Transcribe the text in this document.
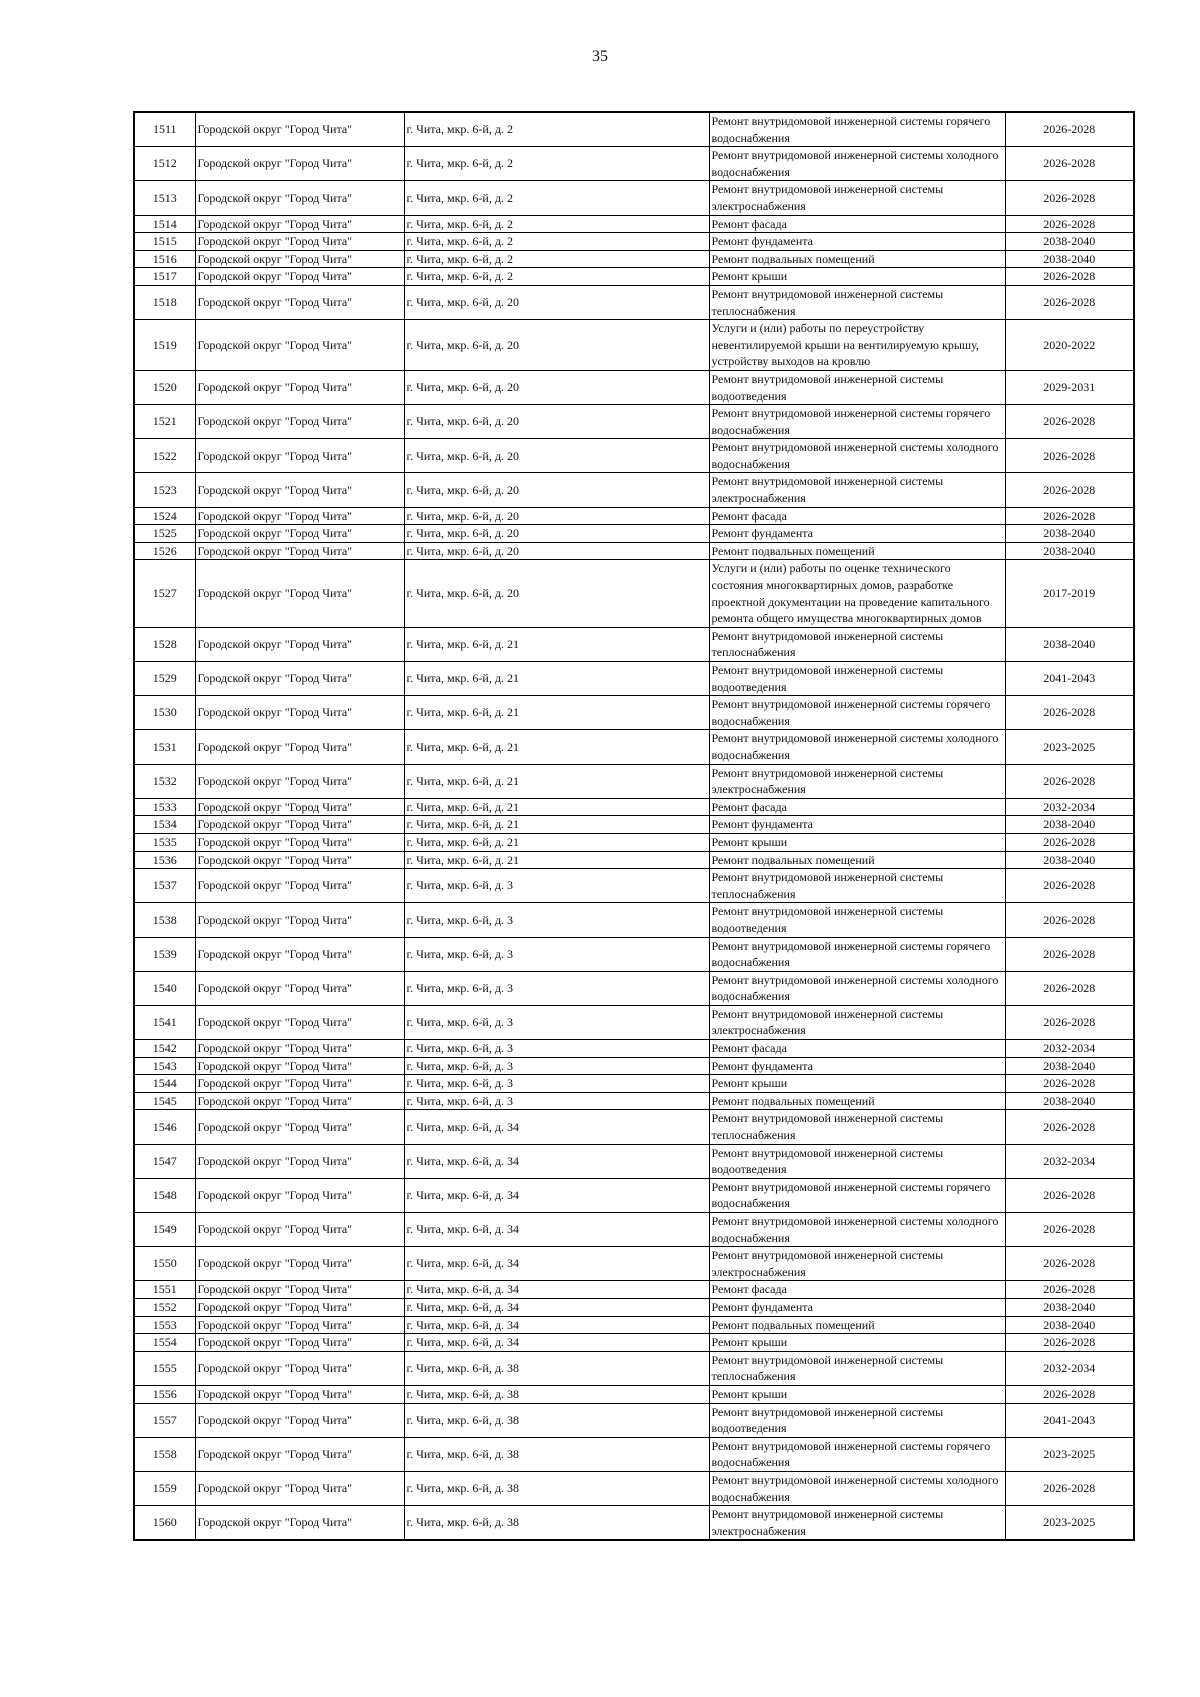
35
1511	Городской округ "Город Чита"	г. Чита, мкр. 6-й, д. 2	Ремонт внутридомовой инженерной системы горячего водоснабжения	2026-2028
1512	Городской округ "Город Чита"	г. Чита, мкр. 6-й, д. 2	Ремонт внутридомовой инженерной системы холодного водоснабжения	2026-2028
1513	Городской округ "Город Чита"	г. Чита, мкр. 6-й, д. 2	Ремонт внутридомовой инженерной системы электроснабжения	2026-2028
1514	Городской округ "Город Чита"	г. Чита, мкр. 6-й, д. 2	Ремонт фасада	2026-2028
1515	Городской округ "Город Чита"	г. Чита, мкр. 6-й, д. 2	Ремонт фундамента	2038-2040
1516	Городской округ "Город Чита"	г. Чита, мкр. 6-й, д. 2	Ремонт подвальных помещений	2038-2040
1517	Городской округ "Город Чита"	г. Чита, мкр. 6-й, д. 2	Ремонт крыши	2026-2028
1518	Городской округ "Город Чита"	г. Чита, мкр. 6-й, д. 20	Ремонт внутридомовой инженерной системы теплоснабжения	2026-2028
1519	Городской округ "Город Чита"	г. Чита, мкр. 6-й, д. 20	Услуги и (или) работы по переустройству невентилируемой крыши на вентилируемую крышу, устройству выходов на кровлю	2020-2022
1520	Городской округ "Город Чита"	г. Чита, мкр. 6-й, д. 20	Ремонт внутридомовой инженерной системы водоотведения	2029-2031
1521	Городской округ "Город Чита"	г. Чита, мкр. 6-й, д. 20	Ремонт внутридомовой инженерной системы горячего водоснабжения	2026-2028
1522	Городской округ "Город Чита"	г. Чита, мкр. 6-й, д. 20	Ремонт внутридомовой инженерной системы холодного водоснабжения	2026-2028
1523	Городской округ "Город Чита"	г. Чита, мкр. 6-й, д. 20	Ремонт внутридомовой инженерной системы электроснабжения	2026-2028
1524	Городской округ "Город Чита"	г. Чита, мкр. 6-й, д. 20	Ремонт фасада	2026-2028
1525	Городской округ "Город Чита"	г. Чита, мкр. 6-й, д. 20	Ремонт фундамента	2038-2040
1526	Городской округ "Город Чита"	г. Чита, мкр. 6-й, д. 20	Ремонт подвальных помещений	2038-2040
1527	Городской округ "Город Чита"	г. Чита, мкр. 6-й, д. 20	Услуги и (или) работы по оценке технического состояния многоквартирных домов, разработке проектной документации на проведение капитального ремонта общего имущества многоквартирных домов	2017-2019
1528	Городской округ "Город Чита"	г. Чита, мкр. 6-й, д. 21	Ремонт внутридомовой инженерной системы теплоснабжения	2038-2040
1529	Городской округ "Город Чита"	г. Чита, мкр. 6-й, д. 21	Ремонт внутридомовой инженерной системы водоотведения	2041-2043
1530	Городской округ "Город Чита"	г. Чита, мкр. 6-й, д. 21	Ремонт внутридомовой инженерной системы горячего водоснабжения	2026-2028
1531	Городской округ "Город Чита"	г. Чита, мкр. 6-й, д. 21	Ремонт внутридомовой инженерной системы холодного водоснабжения	2023-2025
1532	Городской округ "Город Чита"	г. Чита, мкр. 6-й, д. 21	Ремонт внутридомовой инженерной системы электроснабжения	2026-2028
1533	Городской округ "Город Чита"	г. Чита, мкр. 6-й, д. 21	Ремонт фасада	2032-2034
1534	Городской округ "Город Чита"	г. Чита, мкр. 6-й, д. 21	Ремонт фундамента	2038-2040
1535	Городской округ "Город Чита"	г. Чита, мкр. 6-й, д. 21	Ремонт крыши	2026-2028
1536	Городской округ "Город Чита"	г. Чита, мкр. 6-й, д. 21	Ремонт подвальных помещений	2038-2040
1537	Городской округ "Город Чита"	г. Чита, мкр. 6-й, д. 3	Ремонт внутридомовой инженерной системы теплоснабжения	2026-2028
1538	Городской округ "Город Чита"	г. Чита, мкр. 6-й, д. 3	Ремонт внутридомовой инженерной системы водоотведения	2026-2028
1539	Городской округ "Город Чита"	г. Чита, мкр. 6-й, д. 3	Ремонт внутридомовой инженерной системы горячего водоснабжения	2026-2028
1540	Городской округ "Город Чита"	г. Чита, мкр. 6-й, д. 3	Ремонт внутридомовой инженерной системы холодного водоснабжения	2026-2028
1541	Городской округ "Город Чита"	г. Чита, мкр. 6-й, д. 3	Ремонт внутридомовой инженерной системы электроснабжения	2026-2028
1542	Городской округ "Город Чита"	г. Чита, мкр. 6-й, д. 3	Ремонт фасада	2032-2034
1543	Городской округ "Город Чита"	г. Чита, мкр. 6-й, д. 3	Ремонт фундамента	2038-2040
1544	Городской округ "Город Чита"	г. Чита, мкр. 6-й, д. 3	Ремонт крыши	2026-2028
1545	Городской округ "Город Чита"	г. Чита, мкр. 6-й, д. 3	Ремонт подвальных помещений	2038-2040
1546	Городской округ "Город Чита"	г. Чита, мкр. 6-й, д. 34	Ремонт внутридомовой инженерной системы теплоснабжения	2026-2028
1547	Городской округ "Город Чита"	г. Чита, мкр. 6-й, д. 34	Ремонт внутридомовой инженерной системы водоотведения	2032-2034
1548	Городской округ "Город Чита"	г. Чита, мкр. 6-й, д. 34	Ремонт внутридомовой инженерной системы горячего водоснабжения	2026-2028
1549	Городской округ "Город Чита"	г. Чита, мкр. 6-й, д. 34	Ремонт внутридомовой инженерной системы холодного водоснабжения	2026-2028
1550	Городской округ "Город Чита"	г. Чита, мкр. 6-й, д. 34	Ремонт внутридомовой инженерной системы электроснабжения	2026-2028
1551	Городской округ "Город Чита"	г. Чита, мкр. 6-й, д. 34	Ремонт фасада	2026-2028
1552	Городской округ "Город Чита"	г. Чита, мкр. 6-й, д. 34	Ремонт фундамента	2038-2040
1553	Городской округ "Город Чита"	г. Чита, мкр. 6-й, д. 34	Ремонт подвальных помещений	2038-2040
1554	Городской округ "Город Чита"	г. Чита, мкр. 6-й, д. 34	Ремонт крыши	2026-2028
1555	Городской округ "Город Чита"	г. Чита, мкр. 6-й, д. 38	Ремонт внутридомовой инженерной системы теплоснабжения	2032-2034
1556	Городской округ "Город Чита"	г. Чита, мкр. 6-й, д. 38	Ремонт крыши	2026-2028
1557	Городской округ "Город Чита"	г. Чита, мкр. 6-й, д. 38	Ремонт внутридомовой инженерной системы водоотведения	2041-2043
1558	Городской округ "Город Чита"	г. Чита, мкр. 6-й, д. 38	Ремонт внутридомовой инженерной системы горячего водоснабжения	2023-2025
1559	Городской округ "Город Чита"	г. Чита, мкр. 6-й, д. 38	Ремонт внутридомовой инженерной системы холодного водоснабжения	2026-2028
1560	Городской округ "Город Чита"	г. Чита, мкр. 6-й, д. 38	Ремонт внутридомовой инженерной системы электроснабжения	2023-2025
